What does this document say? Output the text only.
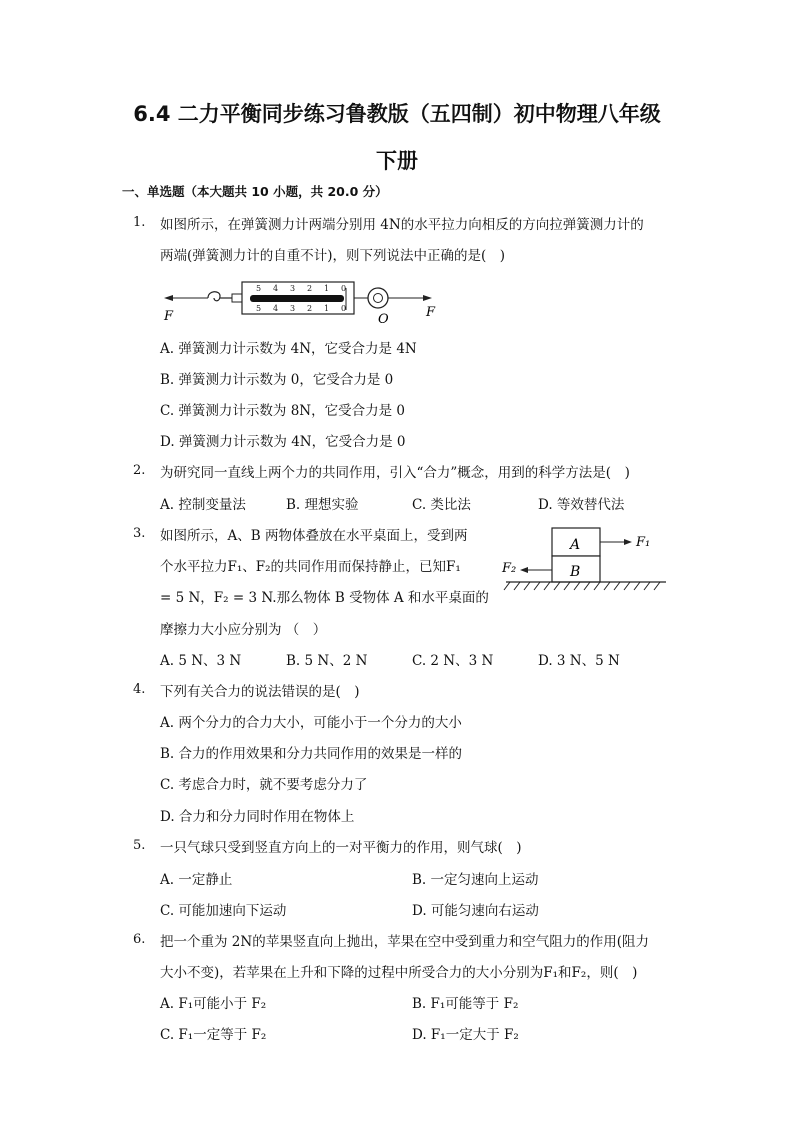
6.4 二力平衡同步练习鲁教版（五四制）初中物理八年级
下册
一、单选题（本大题共 10 小题，共 20.0 分）
1. 如图所示，在弹簧测力计两端分别用 4N的水平拉力向相反的方向拉弹簧测力计的
两端(弹簧测力计的自重不计)，则下列说法中正确的是(　)
5 4 3 2 1 0
5 4 3 2 1 0
F	O	F
A. 弹簧测力计示数为 4N，它受合力是 4N
B. 弹簧测力计示数为 0，它受合力是 0
C. 弹簧测力计示数为 8N，它受合力是 0
D. 弹簧测力计示数为 4N，它受合力是 0
2. 为研究同一直线上两个力的共同作用，引入“合力”概念，用到的科学方法是(　)
A. 控制变量法	B. 理想实验	C. 类比法	D. 等效替代法
3. 如图所示，A、B 两物体叠放在水平桌面上，受到两
个水平拉力F₁、F₂的共同作用而保持静止，已知F₁
= 5 N，F₂ = 3 N.那么物体 B 受物体 A 和水平桌面的
摩擦力大小应分别为 （　）
A
B
F₁
F₂
A. 5 N、3 N	B. 5 N、2 N	C. 2 N、3 N	D. 3 N、5 N
4. 下列有关合力的说法错误的是(　)
A. 两个分力的合力大小，可能小于一个分力的大小
B. 合力的作用效果和分力共同作用的效果是一样的
C. 考虑合力时，就不要考虑分力了
D. 合力和分力同时作用在物体上
5. 一只气球只受到竖直方向上的一对平衡力的作用，则气球(　)
A. 一定静止	B. 一定匀速向上运动
C. 可能加速向下运动	D. 可能匀速向右运动
6. 把一个重为 2N的苹果竖直向上抛出，苹果在空中受到重力和空气阻力的作用(阻力
大小不变)，若苹果在上升和下降的过程中所受合力的大小分别为F₁和F₂，则(　)
A. F₁可能小于 F₂	B. F₁可能等于 F₂
C. F₁一定等于 F₂	D. F₁一定大于 F₂
